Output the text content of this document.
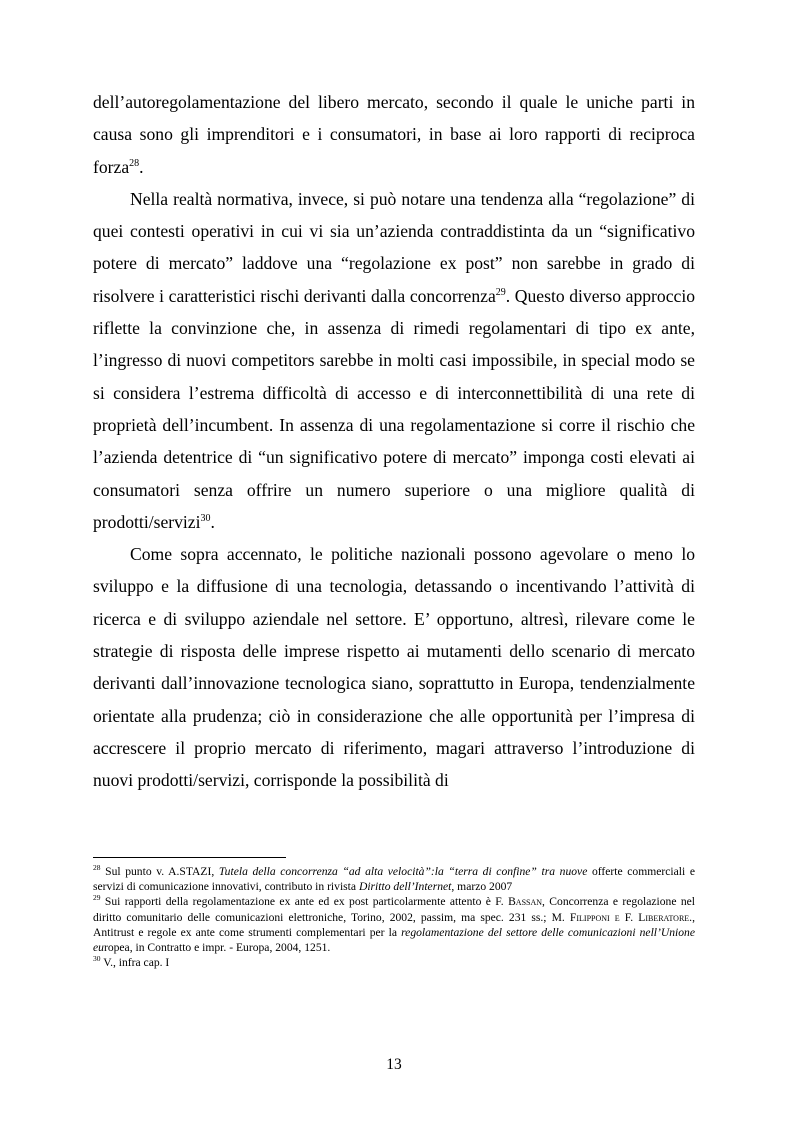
dell’autoregolamentazione del libero mercato, secondo il quale le uniche parti in causa sono gli imprenditori e i consumatori, in base ai loro rapporti di reciproca forza$^{28}$.

Nella realtà normativa, invece, si può notare una tendenza alla “regolazione” di quei contesti operativi in cui vi sia un’azienda contraddistinta da un “significativo potere di mercato” laddove una “regolazione ex post” non sarebbe in grado di risolvere i caratteristici rischi derivanti dalla concorrenza$^{29}$. Questo diverso approccio riflette la convinzione che, in assenza di rimedi regolamentari di tipo ex ante, l’ingresso di nuovi competitors sarebbe in molti casi impossibile, in special modo se si considera l’estrema difficoltà di accesso e di interconnettibilità di una rete di proprietà dell’incumbent. In assenza di una regolamentazione si corre il rischio che l’azienda detentrice di “un significativo potere di mercato” imponga costi elevati ai consumatori senza offrire un numero superiore o una migliore qualità di prodotti/servizi$^{30}$.

Come sopra accennato, le politiche nazionali possono agevolare o meno lo sviluppo e la diffusione di una tecnologia, detassando o incentivando l’attività di ricerca e di sviluppo aziendale nel settore. E’ opportuno, altresì, rilevare come le strategie di risposta delle imprese rispetto ai mutamenti dello scenario di mercato derivanti dall’innovazione tecnologica siano, soprattutto in Europa, tendenzialmente orientate alla prudenza; ciò in considerazione che alle opportunità per l’impresa di accrescere il proprio mercato di riferimento, magari attraverso l’introduzione di nuovi prodotti/servizi, corrisponde la possibilità di

$^{28}$ Sul punto v. A.STAZI, Tutela della concorrenza “ad alta velocità”:la “terra di confine” tra nuove offerte commerciali e servizi di comunicazione innovativi, contributo in rivista Diritto dell’Internet, marzo 2007

$^{29}$ Sui rapporti della regolamentazione ex ante ed ex post particolarmente attento è F. Bassan, Concorrenza e regolazione nel diritto comunitario delle comunicazioni elettroniche, Torino, 2002, passim, ma spec. 231 ss.; M. Filipponi e F. Liberatore., Antitrust e regole ex ante come strumenti complementari per la regolamentazione del settore delle comunicazioni nell’Unione europea, in Contratto e impr. - Europa, 2004, 1251.

$^{30}$ V., infra cap. I

13
